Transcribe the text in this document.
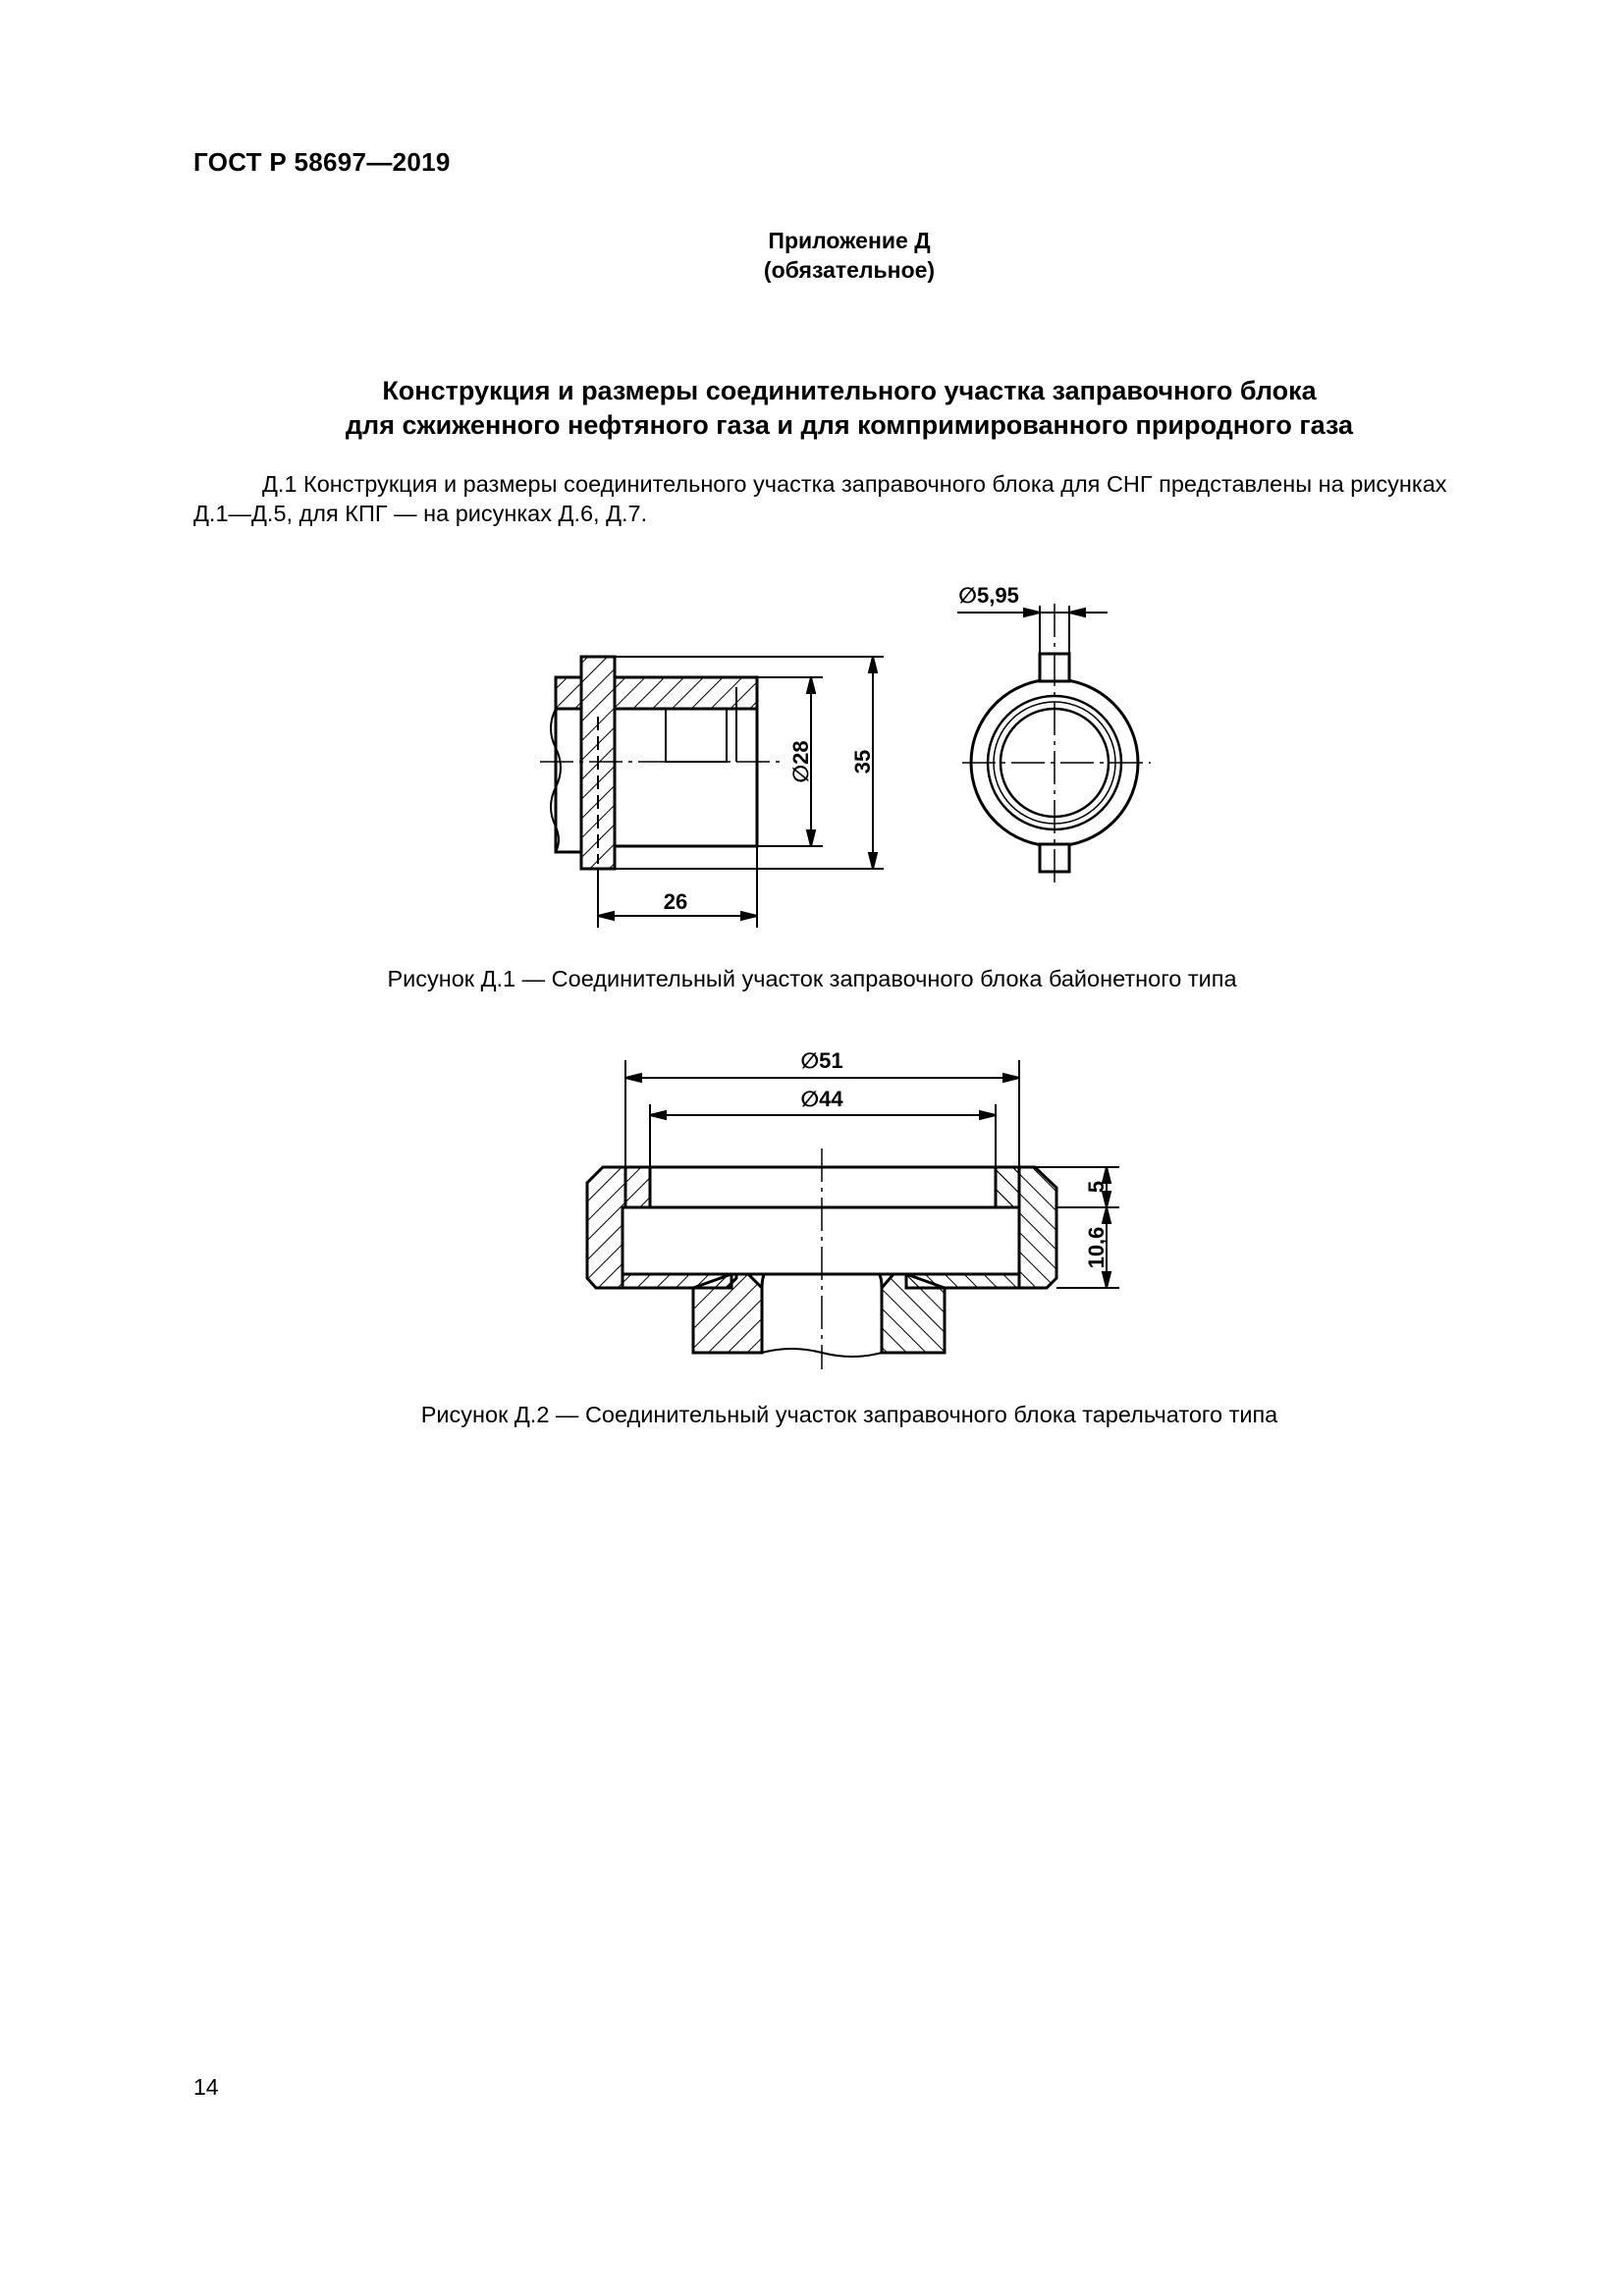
ГОСТ Р 58697—2019
Приложение Д
(обязательное)
Конструкция и размеры соединительного участка заправочного блока
для сжиженного нефтяного газа и для компримированного природного газа
Д.1 Конструкция и размеры соединительного участка заправочного блока для СНГ представлены на рисунках
Д.1—Д.5, для КПГ — на рисунках Д.6, Д.7.
∅28 35
26
∅5,95
Рисунок Д.1 — Соединительный участок заправочного блока байонетного типа
∅51
∅44
5
10,6
Рисунок Д.2 — Соединительный участок заправочного блока тарельчатого типа
14
